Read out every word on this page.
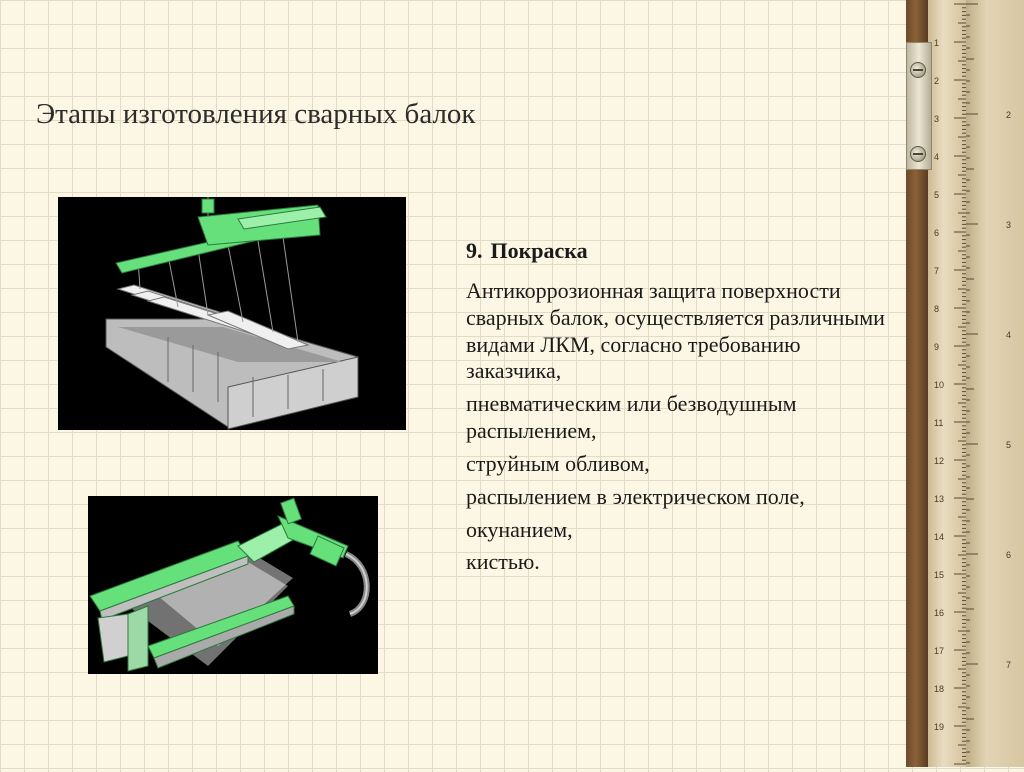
Этапы изготовления сварных балок
9. Покраска

Антикоррозионная защита поверхности сварных балок, осуществляется различными видами ЛКМ, согласно требованию заказчика,

пневматическим или безводушным распылением,

струйным обливом,

распылением в электрическом поле,

окунанием,

кистью.

1
2
3
4
5
6
7
8
9
10
11
12
13
14
15
16
17
18
19
2
3
4
5
6
7
